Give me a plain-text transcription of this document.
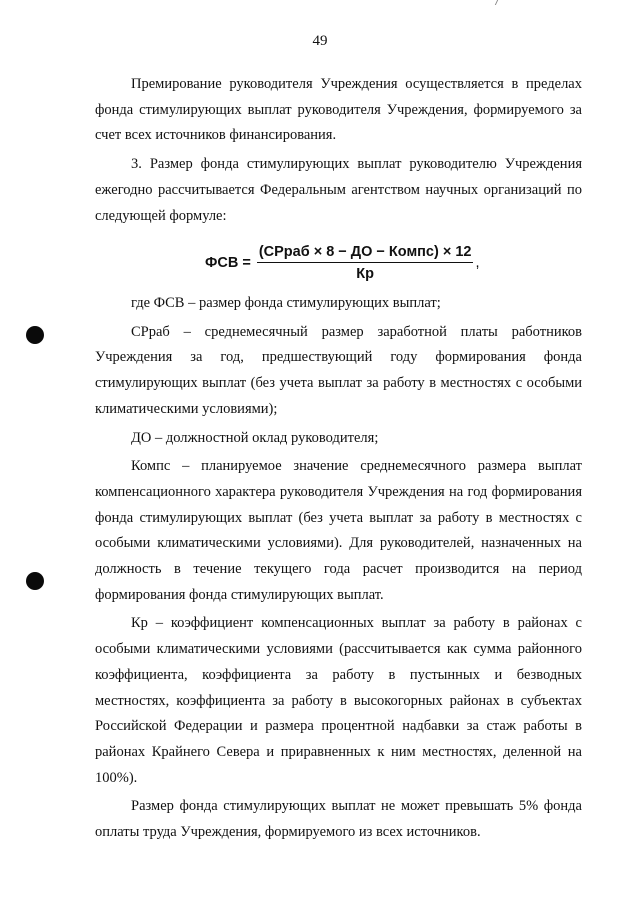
49

Премирование руководителя Учреждения осуществляется в пределах фонда стимулирующих выплат руководителя Учреждения, формируемого за счет всех источников финансирования.

3. Размер фонда стимулирующих выплат руководителю Учреждения ежегодно рассчитывается Федеральным агентством научных организаций по следующей формуле:

ФСВ = $\frac{\text{(СРраб × 8 − ДО − Компс) × 12}}{Кр}$ ,

где ФСВ – размер фонда стимулирующих выплат;

СРраб – среднемесячный размер заработной платы работников Учреждения за год, предшествующий году формирования фонда стимулирующих выплат (без учета выплат за работу в местностях с особыми климатическими условиями);

ДО – должностной оклад руководителя;

Компс – планируемое значение среднемесячного размера выплат компенсационного характера руководителя Учреждения на год формирования фонда стимулирующих выплат (без учета выплат за работу в местностях с особыми климатическими условиями). Для руководителей, назначенных на должность в течение текущего года расчет производится на период формирования фонда стимулирующих выплат.

Кр – коэффициент компенсационных выплат за работу в районах с особыми климатическими условиями (рассчитывается как сумма районного коэффициента, коэффициента за работу в пустынных и безводных местностях, коэффициента за работу в высокогорных районах в субъектах Российской Федерации и размера процентной надбавки за стаж работы в районах Крайнего Севера и приравненных к ним местностях, деленной на 100%).

Размер фонда стимулирующих выплат не может превышать 5% фонда оплаты труда Учреждения, формируемого из всех источников.
